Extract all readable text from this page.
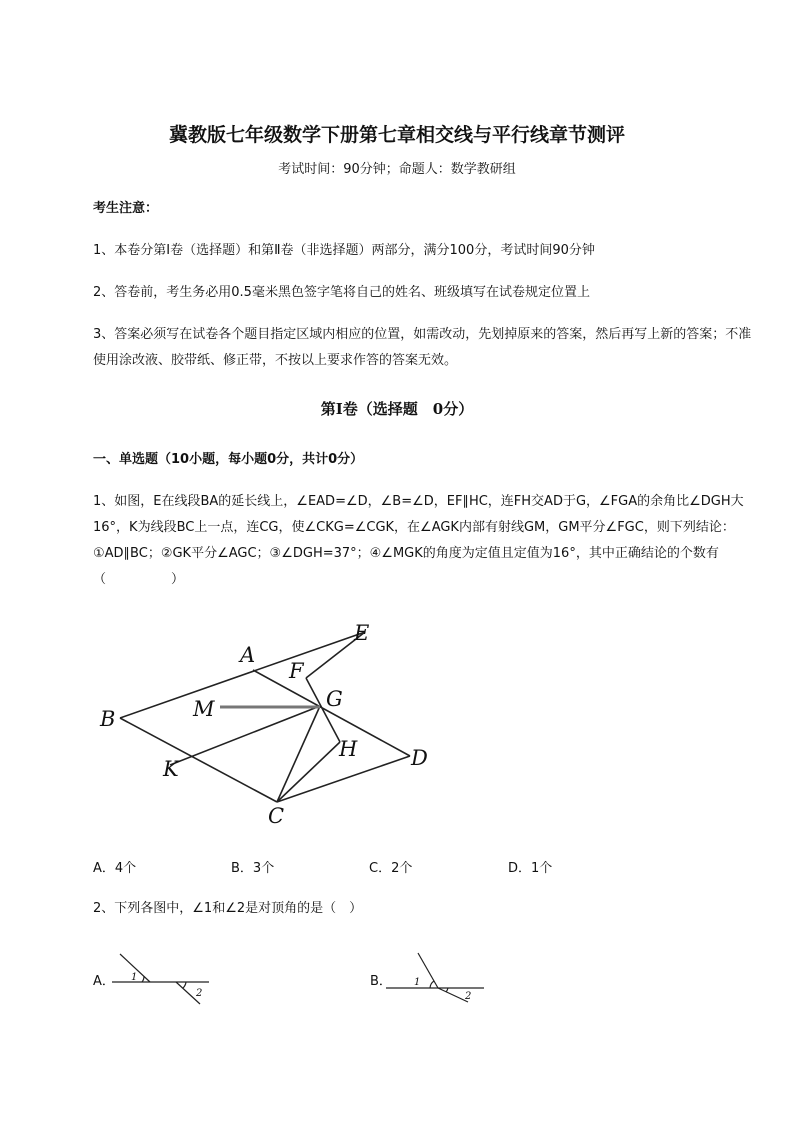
冀教版七年级数学下册第七章相交线与平行线章节测评
考试时间：90分钟；命题人：数学教研组
考生注意：
1、本卷分第I卷（选择题）和第Ⅱ卷（非选择题）两部分，满分100分，考试时间90分钟
2、答卷前，考生务必用0.5毫米黑色签字笔将自己的姓名、班级填写在试卷规定位置上
3、答案必须写在试卷各个题目指定区域内相应的位置，如需改动，先划掉原来的答案，然后再写上新的答案；不准使用涂改液、胶带纸、修正带，不按以上要求作答的答案无效。
第I卷（选择题　0分）
一、单选题（10小题，每小题0分，共计0分）
1、如图，E在线段BA的延长线上，∠EAD=∠D，∠B=∠D，EF∥HC，连FH交AD于G，∠FGA的余角比∠DGH大16°，K为线段BC上一点，连CG，使∠CKG=∠CGK，在∠AGK内部有射线GM，GM平分∠FGC，则下列结论：①AD∥BC；②GK平分∠AGC；③∠DGH=37°；④∠MGK的角度为定值且定值为16°，其中正确结论的个数有（　　　　　）
A
B
C
D
E
F
G
H
K
M
A．4个	B．3个	C．2个	D．1个
2、下列各图中，∠1和∠2是对顶角的是（　）
A． 1
2
B． 1
2
